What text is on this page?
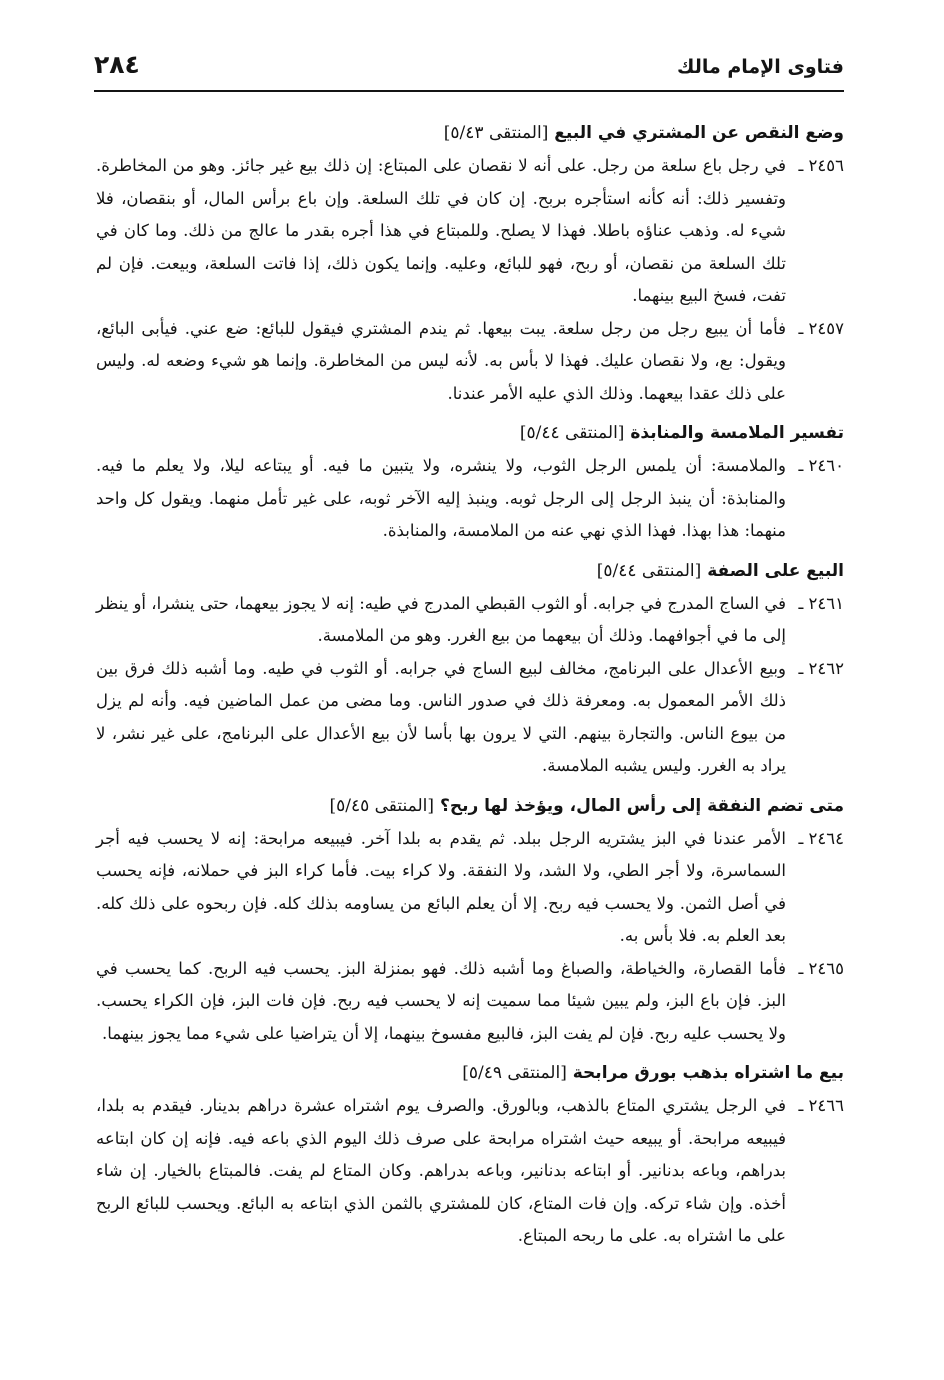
فتاوى الإمام مالك
٢٨٤
وضع النقص عن المشتري في البيع [المنتقى ٥/٤٣]
٢٤٥٦ ـ
في رجل باع سلعة من رجل. على أنه لا نقصان على المبتاع: إن ذلك بيع غير جائز. وهو من المخاطرة. وتفسير ذلك: أنه كأنه استأجره بربح. إن كان في تلك السلعة. وإن باع برأس المال، أو بنقصان، فلا شيء له. وذهب عناؤه باطلا. فهذا لا يصلح. وللمبتاع في هذا أجره بقدر ما عالج من ذلك. وما كان في تلك السلعة من نقصان، أو ربح، فهو للبائع، وعليه. وإنما يكون ذلك، إذا فاتت السلعة، وبيعت. فإن لم تفت، فسخ البيع بينهما.
٢٤٥٧ ـ
فأما أن يبيع رجل من رجل سلعة. يبت بيعها. ثم يندم المشتري فيقول للبائع: ضع عني. فيأبى البائع، ويقول: بع، ولا نقصان عليك. فهذا لا بأس به. لأنه ليس من المخاطرة. وإنما هو شيء وضعه له. وليس على ذلك عقدا بيعهما. وذلك الذي عليه الأمر عندنا.
تفسير الملامسة والمنابذة [المنتقى ٥/٤٤]
٢٤٦٠ ـ
والملامسة: أن يلمس الرجل الثوب، ولا ينشره، ولا يتبين ما فيه. أو يبتاعه ليلا، ولا يعلم ما فيه. والمنابذة: أن ينبذ الرجل إلى الرجل ثوبه. وينبذ إليه الآخر ثوبه، على غير تأمل منهما. ويقول كل واحد منهما: هذا بهذا. فهذا الذي نهي عنه من الملامسة، والمنابذة.
البيع على الصفة [المنتقى ٥/٤٤]
٢٤٦١ ـ
في الساج المدرج في جرابه. أو الثوب القبطي المدرج في طيه: إنه لا يجوز بيعهما، حتى ينشرا، أو ينظر إلى ما في أجوافهما. وذلك أن بيعهما من بيع الغرر. وهو من الملامسة.
٢٤٦٢ ـ
وبيع الأعدال على البرنامج، مخالف لبيع الساج في جرابه. أو الثوب في طيه. وما أشبه ذلك فرق بين ذلك الأمر المعمول به. ومعرفة ذلك في صدور الناس. وما مضى من عمل الماضين فيه. وأنه لم يزل من بيوع الناس. والتجارة بينهم. التي لا يرون بها بأسا لأن بيع الأعدال على البرنامج، على غير نشر، لا يراد به الغرر. وليس يشبه الملامسة.
متى تضم النفقة إلى رأس المال، ويؤخذ لها ربح؟ [المنتقى ٥/٤٥]
٢٤٦٤ ـ
الأمر عندنا في البز يشتريه الرجل ببلد. ثم يقدم به بلدا آخر. فيبيعه مرابحة: إنه لا يحسب فيه أجر السماسرة، ولا أجر الطي، ولا الشد، ولا النفقة. ولا كراء بيت. فأما كراء البز في حملانه، فإنه يحسب في أصل الثمن. ولا يحسب فيه ربح. إلا أن يعلم البائع من يساومه بذلك كله. فإن ربحوه على ذلك كله. بعد العلم به. فلا بأس به.
٢٤٦٥ ـ
فأما القصارة، والخياطة، والصباغ وما أشبه ذلك. فهو بمنزلة البز. يحسب فيه الربح. كما يحسب في البز. فإن باع البز، ولم يبين شيئا مما سميت إنه لا يحسب فيه ربح. فإن فات البز، فإن الكراء يحسب. ولا يحسب عليه ربح. فإن لم يفت البز، فالبيع مفسوخ بينهما، إلا أن يتراضيا على شيء مما يجوز بينهما.
بيع ما اشتراه بذهب بورق مرابحة [المنتقى ٥/٤٩]
٢٤٦٦ ـ
في الرجل يشتري المتاع بالذهب، وبالورق. والصرف يوم اشتراه عشرة دراهم بدينار. فيقدم به بلدا، فيبيعه مرابحة. أو يبيعه حيث اشتراه مرابحة على صرف ذلك اليوم الذي باعه فيه. فإنه إن كان ابتاعه بدراهم، وباعه بدنانير. أو ابتاعه بدنانير، وباعه بدراهم. وكان المتاع لم يفت. فالمبتاع بالخيار. إن شاء أخذه. وإن شاء تركه. وإن فات المتاع، كان للمشتري بالثمن الذي ابتاعه به البائع. ويحسب للبائع الربح على ما اشتراه به. على ما ربحه المبتاع.
